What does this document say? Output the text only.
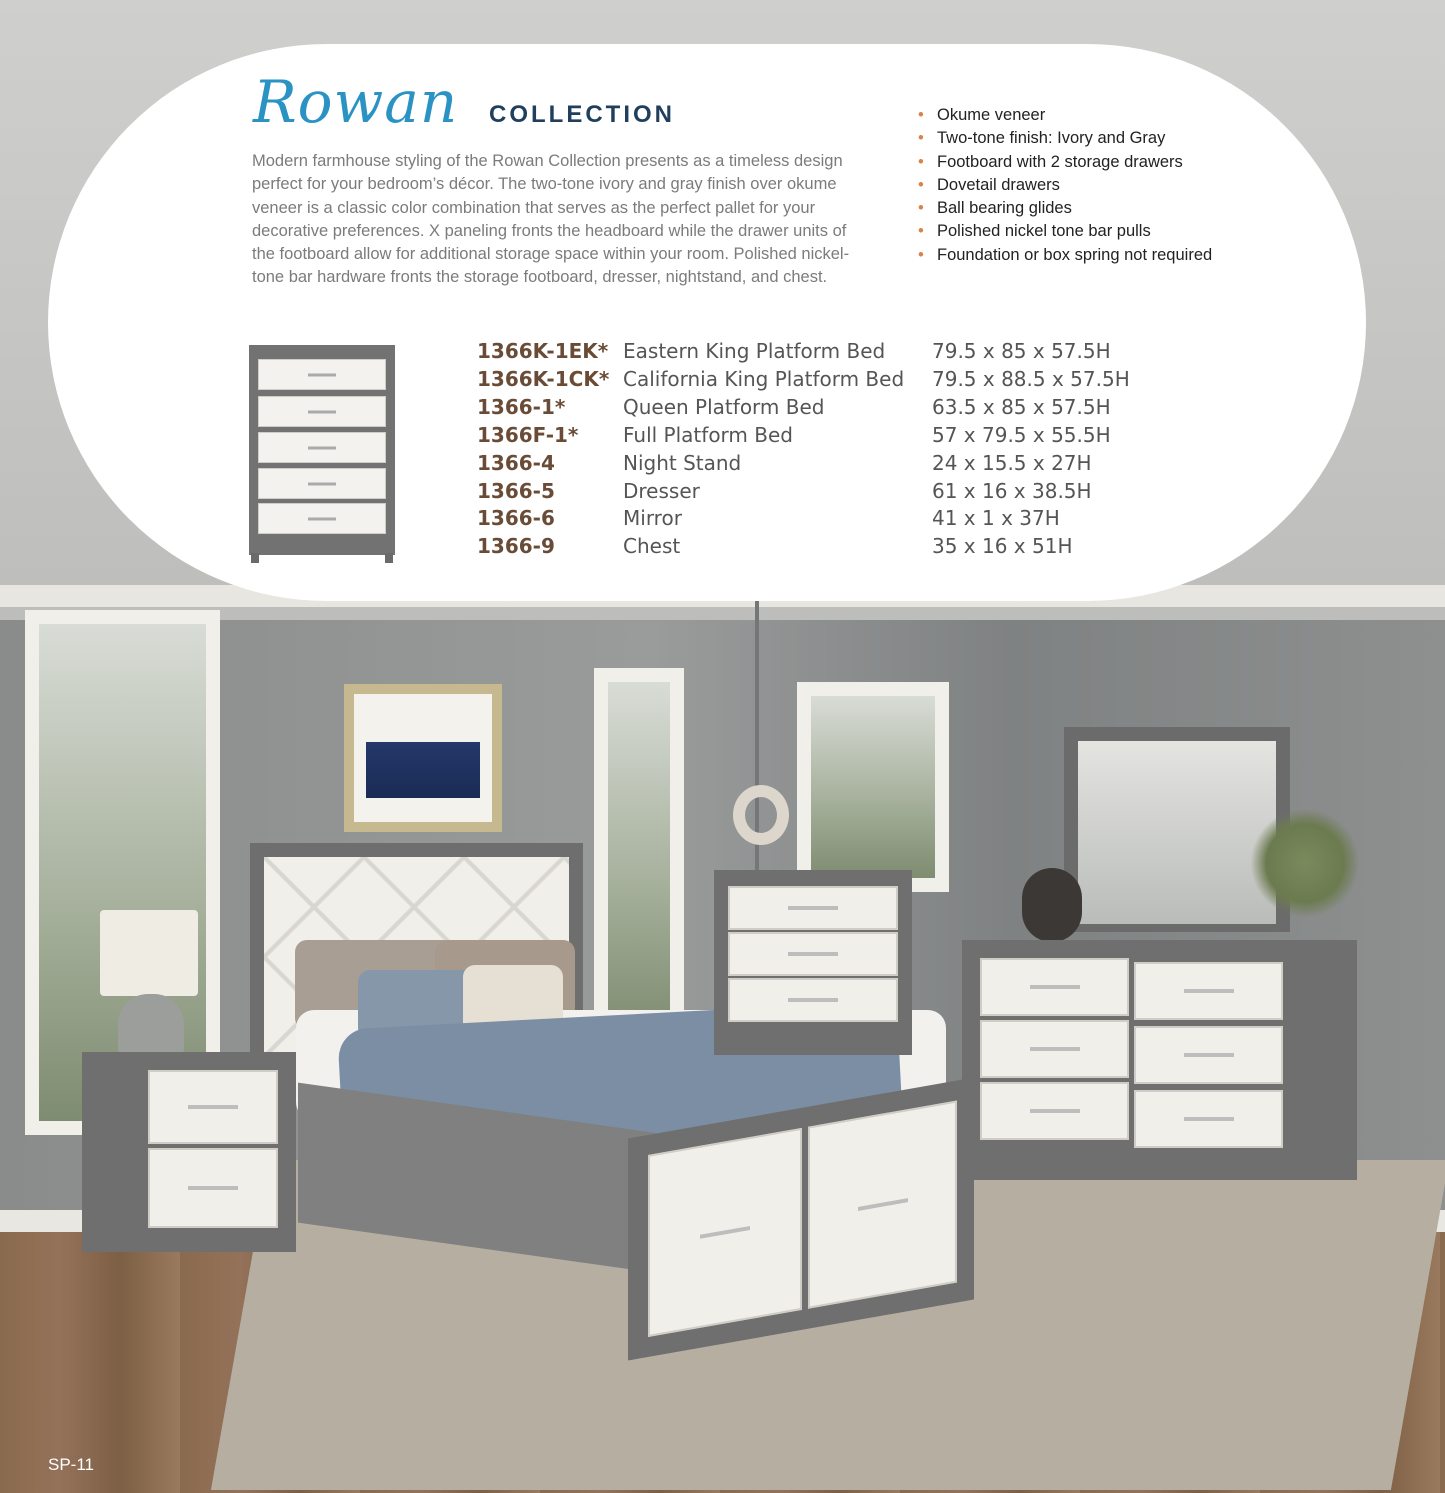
Rowan COLLECTION

Modern farmhouse styling of the Rowan Collection presents as a timeless design perfect for your bedroom’s décor. The two-tone ivory and gray finish over okume veneer is a classic color combination that serves as the perfect pallet for your decorative preferences. X paneling fronts the headboard while the drawer units of the footboard allow for additional storage space within your room. Polished nickel-tone bar hardware fronts the storage footboard, dresser, nightstand, and chest.

• Okume veneer
• Two-tone finish: Ivory and Gray
• Footboard with 2 storage drawers
• Dovetail drawers
• Ball bearing glides
• Polished nickel tone bar pulls
• Foundation or box spring not required
1366K-1EK*	Eastern King Platform Bed	79.5 x 85 x 57.5H
1366K-1CK*	California King Platform Bed	79.5 x 88.5 x 57.5H
1366-1*	Queen Platform Bed	63.5 x 85 x 57.5H
1366F-1*	Full Platform Bed	57 x 79.5 x 55.5H
1366-4	Night Stand	24 x 15.5 x 27H
1366-5	Dresser	61 x 16 x 38.5H
1366-6	Mirror	41 x 1 x 37H
1366-9	Chest	35 x 16 x 51H
SP-11
